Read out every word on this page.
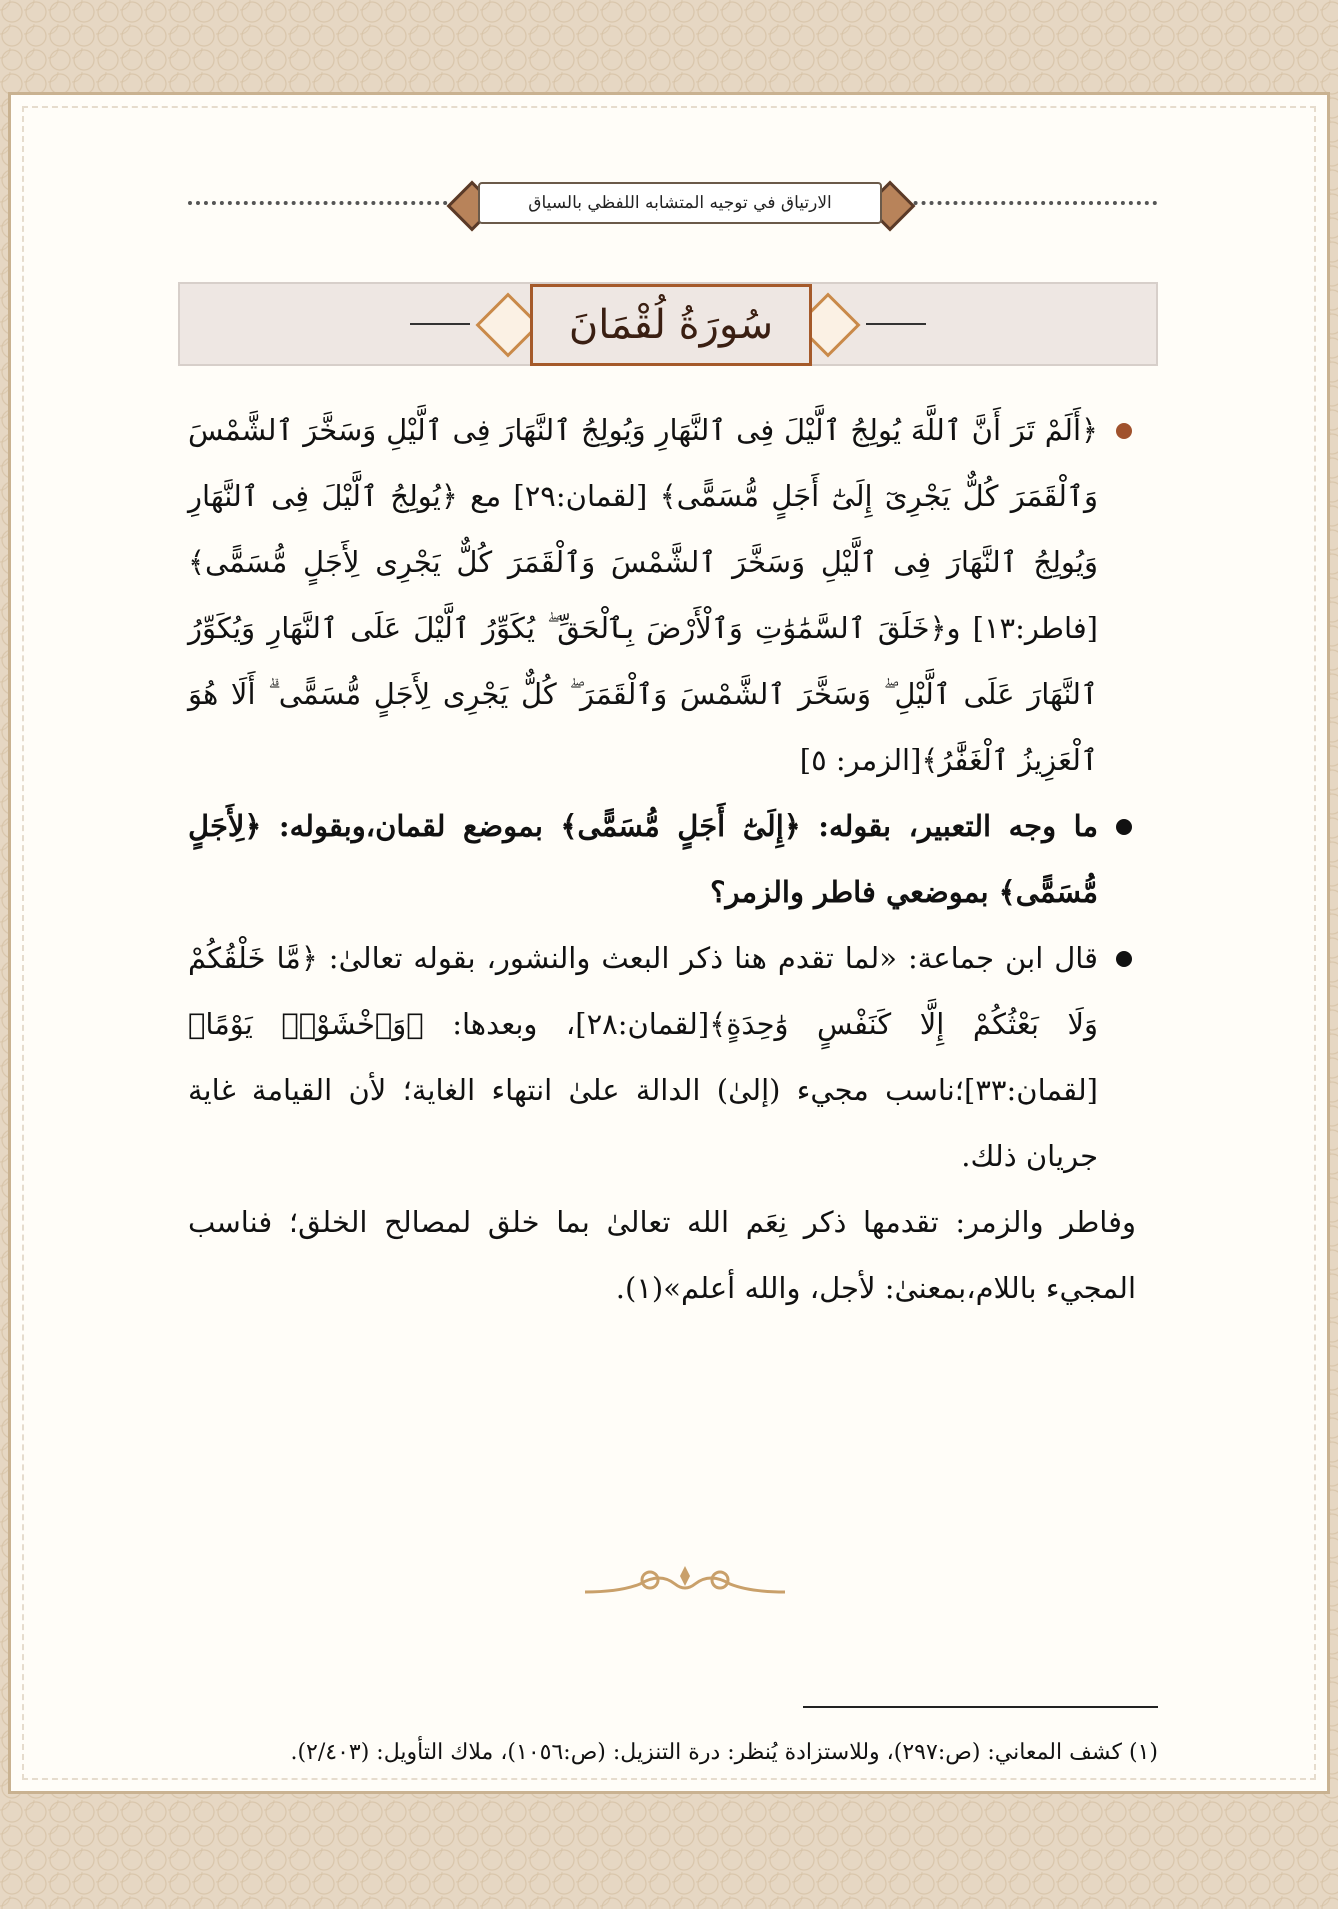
الارتياق في توجيه المتشابه اللفظي بالسياق
سُورَةُ لُقْمَانَ

﴿أَلَمْ تَرَ أَنَّ ٱللَّهَ يُولِجُ ٱلَّيْلَ فِى ٱلنَّهَارِ وَيُولِجُ ٱلنَّهَارَ فِى ٱلَّيْلِ وَسَخَّرَ ٱلشَّمْسَ وَٱلْقَمَرَ كُلٌّ يَجْرِىٓ إِلَىٰٓ أَجَلٍ مُّسَمًّى﴾ [لقمان:٢٩] مع ﴿يُولِجُ ٱلَّيْلَ فِى ٱلنَّهَارِ وَيُولِجُ ٱلنَّهَارَ فِى ٱلَّيْلِ وَسَخَّرَ ٱلشَّمْسَ وَٱلْقَمَرَ كُلٌّ يَجْرِى لِأَجَلٍ مُّسَمًّى﴾[فاطر:١٣] و﴿خَلَقَ ٱلسَّمَٰوَٰتِ وَٱلْأَرْضَ بِٱلْحَقِّ ۖ يُكَوِّرُ ٱلَّيْلَ عَلَى ٱلنَّهَارِ وَيُكَوِّرُ ٱلنَّهَارَ عَلَى ٱلَّيْلِ ۖ وَسَخَّرَ ٱلشَّمْسَ وَٱلْقَمَرَ ۖ كُلٌّ يَجْرِى لِأَجَلٍ مُّسَمًّى ۗ أَلَا هُوَ ٱلْعَزِيزُ ٱلْغَفَّٰرُ﴾[الزمر: ٥]

ما وجه التعبير، بقوله: ﴿إِلَىٰٓ أَجَلٍ مُّسَمًّى﴾ بموضع لقمان،وبقوله: ﴿لِأَجَلٍ مُّسَمًّى﴾ بموضعي فاطر والزمر؟

قال ابن جماعة: «لما تقدم هنا ذكر البعث والنشور، بقوله تعالىٰ: ﴿مَّا خَلْقُكُمْ وَلَا بَعْثُكُمْ إِلَّا كَنَفْسٍ وَٰحِدَةٍ﴾[لقمان:٢٨]، وبعدها: ﴿وَٱخْشَوْا۟ يَوْمًا﴾[لقمان:٣٣]؛ناسب مجيء (إلىٰ) الدالة علىٰ انتهاء الغاية؛ لأن القيامة غاية جريان ذلك.

وفاطر والزمر: تقدمها ذكر نِعَم الله تعالىٰ بما خلق لمصالح الخلق؛ فناسب المجيء باللام،بمعنىٰ: لأجل، والله أعلم»(١).

(١) كشف المعاني: (ص:٢٩٧)، وللاستزادة يُنظر: درة التنزيل: (ص:١٠٥٦)، ملاك التأويل: (٢/٤٠٣).
